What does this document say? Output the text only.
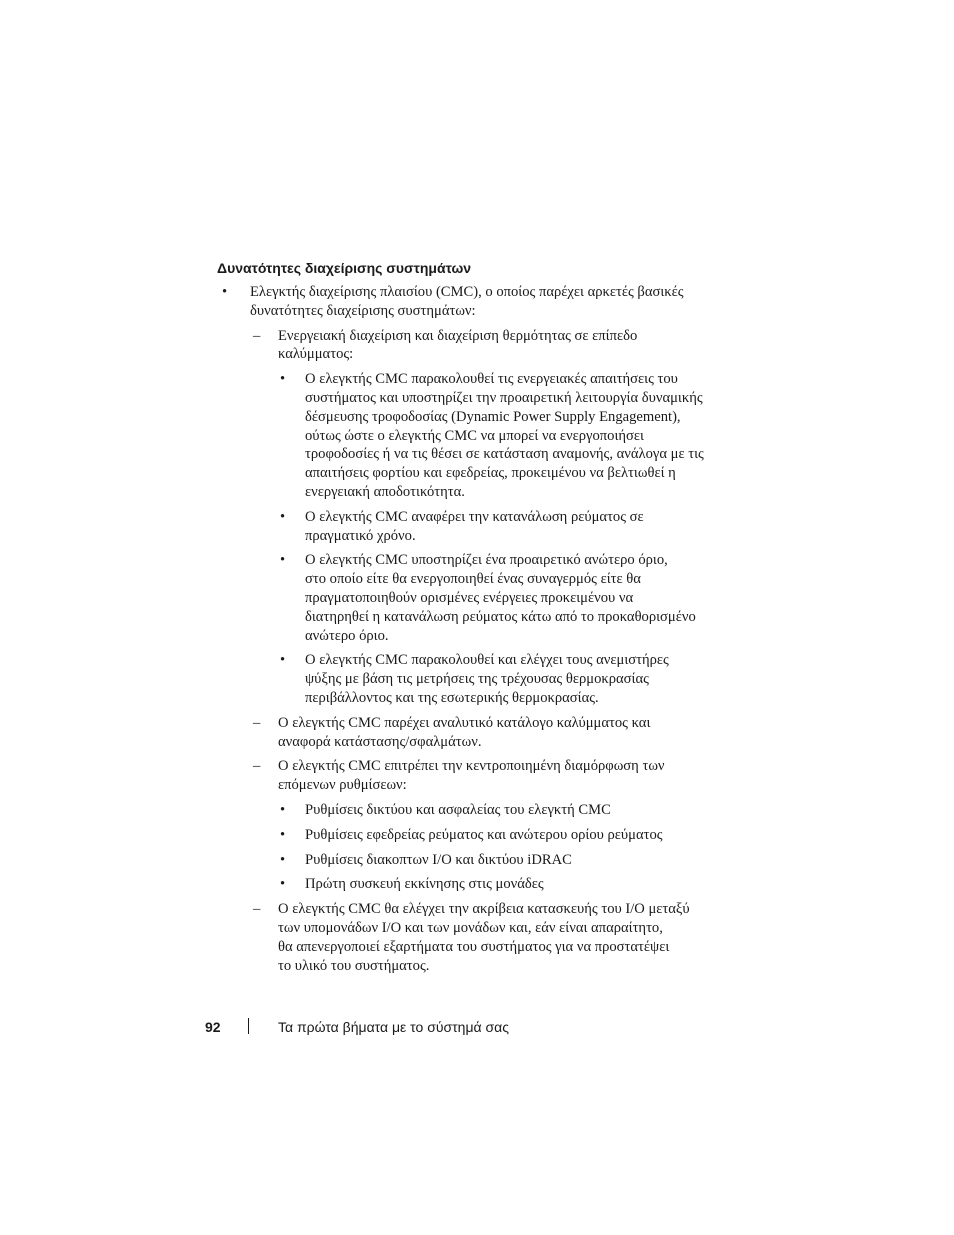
Δυνατότητες διαχείρισης συστημάτων
• Ελεγκτής διαχείρισης πλαισίου (CMC), ο οποίος παρέχει αρκετές βασικές
δυνατότητες διαχείρισης συστημάτων:
– Ενεργειακή διαχείριση και διαχείριση θερμότητας σε επίπεδο
καλύμματος:
• Ο ελεγκτής CMC παρακολουθεί τις ενεργειακές απαιτήσεις του
συστήματος και υποστηρίζει την προαιρετική λειτουργία δυναμικής
δέσμευσης τροφοδοσίας (Dynamic Power Supply Engagement),
ούτως ώστε ο ελεγκτής CMC να μπορεί να ενεργοποιήσει
τροφοδοσίες ή να τις θέσει σε κατάσταση αναμονής, ανάλογα με τις
απαιτήσεις φορτίου και εφεδρείας, προκειμένου να βελτιωθεί η
ενεργειακή αποδοτικότητα.
• Ο ελεγκτής CMC αναφέρει την κατανάλωση ρεύματος σε
πραγματικό χρόνο.
• Ο ελεγκτής CMC υποστηρίζει ένα προαιρετικό ανώτερο όριο,
στο οποίο είτε θα ενεργοποιηθεί ένας συναγερμός είτε θα
πραγματοποιηθούν ορισμένες ενέργειες προκειμένου να
διατηρηθεί η κατανάλωση ρεύματος κάτω από το προκαθορισμένο
ανώτερο όριο.
• Ο ελεγκτής CMC παρακολουθεί και ελέγχει τους ανεμιστήρες
ψύξης με βάση τις μετρήσεις της τρέχουσας θερμοκρασίας
περιβάλλοντος και της εσωτερικής θερμοκρασίας.
– Ο ελεγκτής CMC παρέχει αναλυτικό κατάλογο καλύμματος και
αναφορά κατάστασης/σφαλμάτων.
– Ο ελεγκτής CMC επιτρέπει την κεντροποιημένη διαμόρφωση των
επόμενων ρυθμίσεων:
• Ρυθμίσεις δικτύου και ασφαλείας του ελεγκτή CMC
• Ρυθμίσεις εφεδρείας ρεύματος και ανώτερου ορίου ρεύματος
• Ρυθμίσεις διακοπτων I/O και δικτύου iDRAC
• Πρώτη συσκευή εκκίνησης στις μονάδες
– Ο ελεγκτής CMC θα ελέγχει την ακρίβεια κατασκευής του I/O μεταξύ
των υπομονάδων I/O και των μονάδων και, εάν είναι απαραίτητο,
θα απενεργοποιεί εξαρτήματα του συστήματος για να προστατέψει
το υλικό του συστήματος.
92	Τα πρώτα βήματα με το σύστημά σας
